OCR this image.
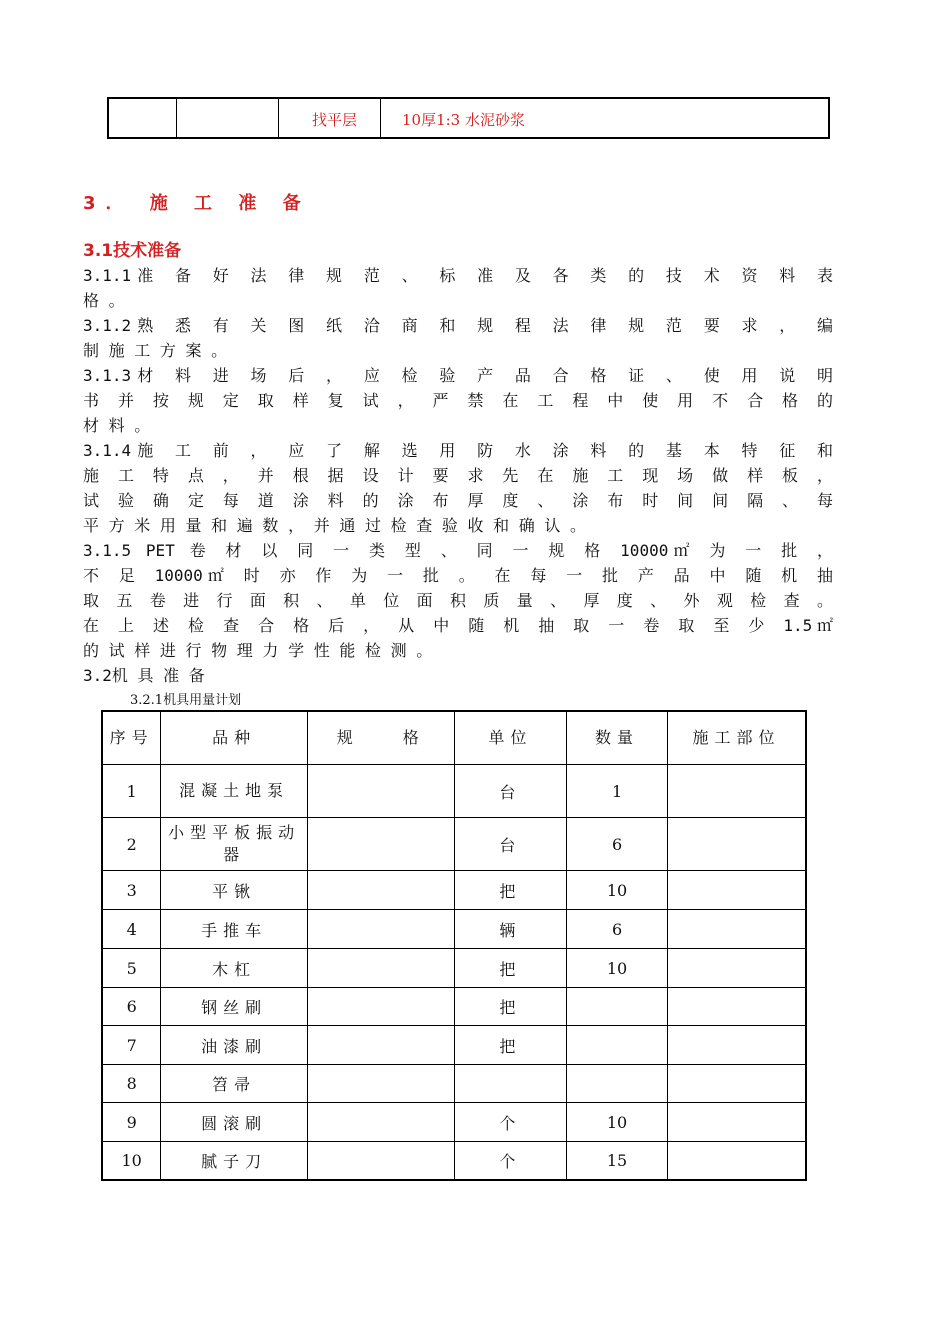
找平层	10厚1:3 水泥砂浆
3． 施 工 准 备
3.1技术准备
3.1.1准 备 好 法 律 规 范 、 标 准 及 各 类 的 技 术 资 料 表
格 。
3.1.2熟 悉 有 关 图 纸 洽 商 和 规 程 法 律 规 范 要 求 ， 编
制 施 工 方 案 。
3.1.3材 料 进 场 后 ， 应 检 验 产 品 合 格 证 、 使 用 说 明
书 并 按 规 定 取 样 复 试 ， 严 禁 在 工 程 中 使 用 不 合 格 的
材 料 。
3.1.4施 工 前 ， 应 了 解 选 用 防 水 涂 料 的 基 本 特 征 和
施 工 特 点 ， 并 根 据 设 计 要 求 先 在 施 工 现 场 做 样 板 ，
试 验 确 定 每 道 涂 料 的 涂 布 厚 度 、 涂 布 时 间 间 隔 、 每
平 方 米 用 量 和 遍 数 ， 并 通 过 检 查 验 收 和 确 认 。
3.1.5 PET 卷 材 以 同 一 类 型 、 同 一 规 格 10000㎡ 为 一 批 ，
不 足 10000㎡ 时 亦 作 为 一 批 。 在 每 一 批 产 品 中 随 机 抽
取 五 卷 进 行 面 积 、 单 位 面 积 质 量 、 厚 度 、 外 观 检 查 。
在 上 述 检 查 合 格 后 ， 从 中 随 机 抽 取 一 卷 取 至 少 1.5㎡
的 试 样 进 行 物 理 力 学 性 能 检 测 。
3.2机 具 准 备
3.2.1机具用量计划
序号	品种	规　　格	单位	数量	施工部位
1	混凝土地泵		台	1	
2	小型平板振动器		台	6	
3	平锹		把	10	
4	手推车		辆	6	
5	木杠		把	10	
6	钢丝刷		把		
7	油漆刷		把		
8	笤帚				
9	圆滚刷		个	10	
10	腻子刀		个	15	
